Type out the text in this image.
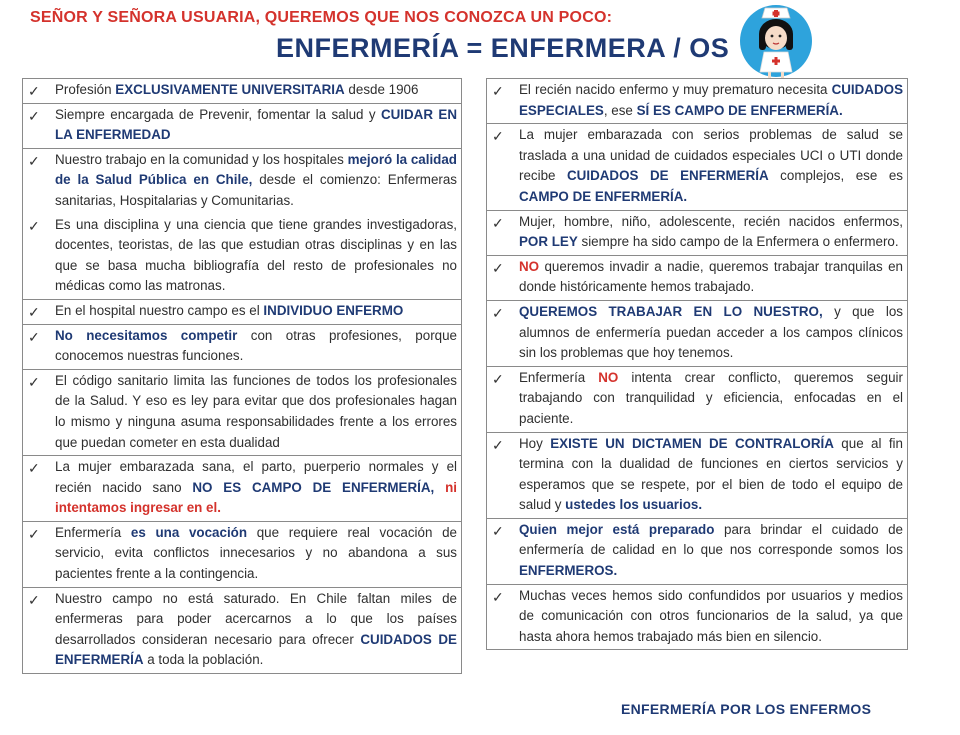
SEÑOR Y SEÑORA USUARIA, QUEREMOS QUE NOS CONOZCA UN POCO:
ENFERMERÍA = ENFERMERA / OS
✓ Profesión EXCLUSIVAMENTE UNIVERSITARIA desde 1906
✓ Siempre encargada de Prevenir, fomentar la salud y CUIDAR EN LA ENFERMEDAD
✓ Nuestro trabajo en la comunidad y los hospitales mejoró la calidad de la Salud Pública en Chile, desde el comienzo: Enfermeras sanitarias, Hospitalarias y Comunitarias.
✓ Es una disciplina y una ciencia que tiene grandes investigadoras, docentes, teoristas, de las que estudian otras disciplinas y en las que se basa mucha bibliografía del resto de profesionales no médicas como las matronas.
✓ En el hospital nuestro campo es el INDIVIDUO ENFERMO
✓ No necesitamos competir con otras profesiones, porque conocemos nuestras funciones.
✓ El código sanitario limita las funciones de todos los profesionales de la Salud. Y eso es ley para evitar que dos profesionales hagan lo mismo y ninguna asuma responsabilidades frente a los errores que puedan cometer en esta dualidad
✓ La mujer embarazada sana, el parto, puerperio normales y el recién nacido sano NO ES CAMPO DE ENFERMERÍA, ni intentamos ingresar en el.
✓ Enfermería es una vocación que requiere real vocación de servicio, evita conflictos innecesarios y no abandona a sus pacientes frente a la contingencia.
✓ Nuestro campo no está saturado. En Chile faltan miles de enfermeras para poder acercarnos a lo que los países desarrollados consideran necesario para ofrecer CUIDADOS DE ENFERMERÍA a toda la población.
✓ El recién nacido enfermo y muy prematuro necesita CUIDADOS ESPECIALES, ese SÍ ES CAMPO DE ENFERMERÍA.
✓ La mujer embarazada con serios problemas de salud se traslada a una unidad de cuidados especiales UCI o UTI donde recibe CUIDADOS DE ENFERMERÍA complejos, ese es CAMPO DE ENFERMERÍA.
✓ Mujer, hombre, niño, adolescente, recién nacidos enfermos, POR LEY siempre ha sido campo de la Enfermera o enfermero.
✓ NO queremos invadir a nadie, queremos trabajar tranquilas en donde históricamente hemos trabajado.
✓ QUEREMOS TRABAJAR EN LO NUESTRO, y que los alumnos de enfermería puedan acceder a los campos clínicos sin los problemas que hoy tenemos.
✓ Enfermería NO intenta crear conflicto, queremos seguir trabajando con tranquilidad y eficiencia, enfocadas en el paciente.
✓ Hoy EXISTE UN DICTAMEN DE CONTRALORÍA que al fin termina con la dualidad de funciones en ciertos servicios y esperamos que se respete, por el bien de todo el equipo de salud y ustedes los usuarios.
✓ Quien mejor está preparado para brindar el cuidado de enfermería de calidad en lo que nos corresponde somos los ENFERMEROS.
✓ Muchas veces hemos sido confundidos por usuarios y medios de comunicación con otros funcionarios de la salud, ya que hasta ahora hemos trabajado más bien en silencio.
ENFERMERÍA POR LOS ENFERMOS
